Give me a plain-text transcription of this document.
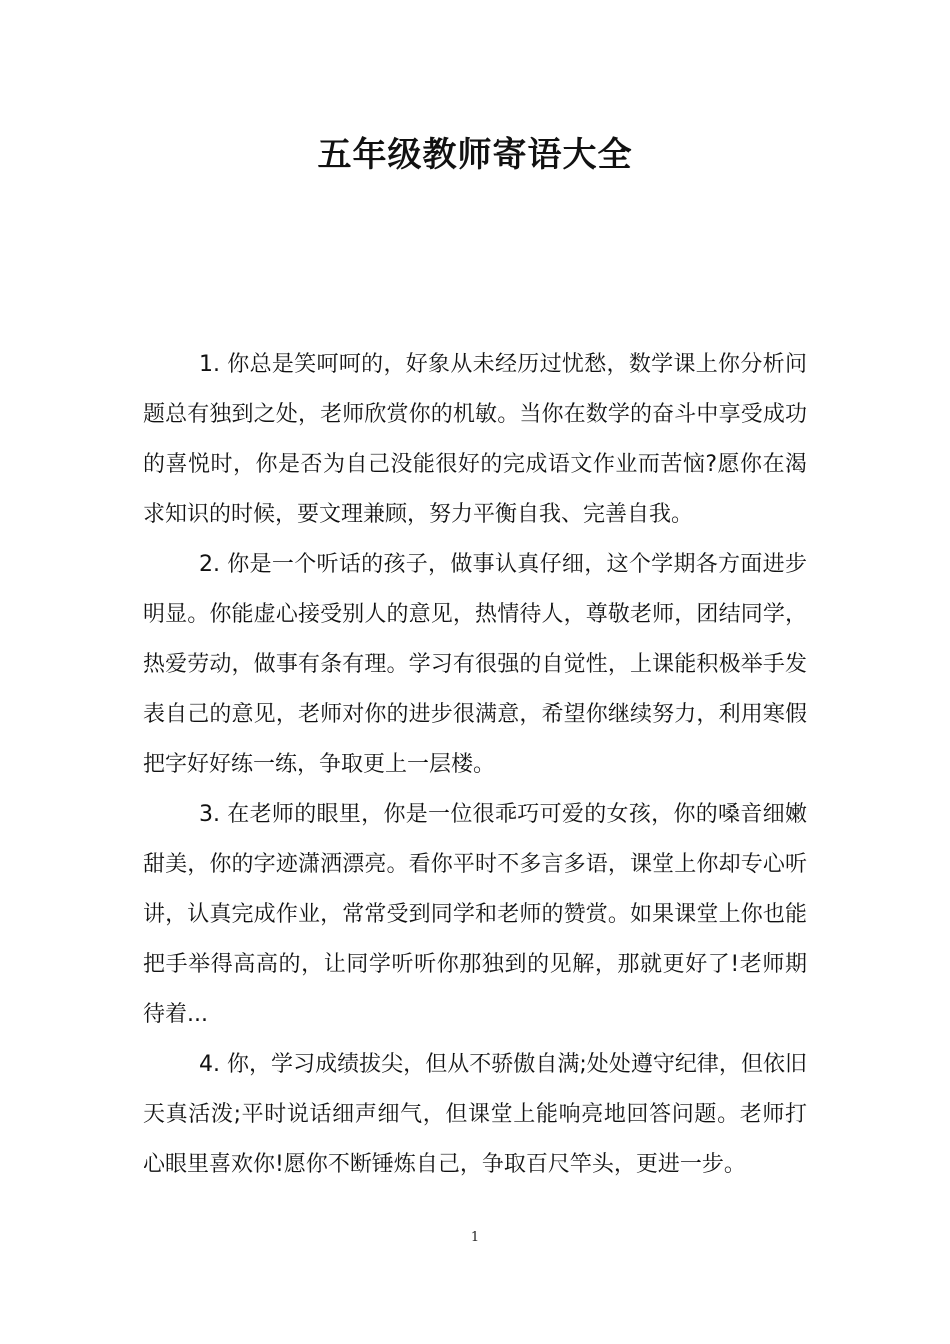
五年级教师寄语大全

1. 你总是笑呵呵的，好象从未经历过忧愁，数学课上你分析问题总有独到之处，老师欣赏你的机敏。当你在数学的奋斗中享受成功的喜悦时，你是否为自己没能很好的完成语文作业而苦恼?愿你在渴求知识的时候，要文理兼顾，努力平衡自我、完善自我。

2. 你是一个听话的孩子，做事认真仔细，这个学期各方面进步明显。你能虚心接受别人的意见，热情待人，尊敬老师，团结同学，热爱劳动，做事有条有理。学习有很强的自觉性，上课能积极举手发表自己的意见，老师对你的进步很满意，希望你继续努力，利用寒假把字好好练一练，争取更上一层楼。

3. 在老师的眼里，你是一位很乖巧可爱的女孩，你的嗓音细嫩甜美，你的字迹潇洒漂亮。看你平时不多言多语，课堂上你却专心听讲，认真完成作业，常常受到同学和老师的赞赏。如果课堂上你也能把手举得高高的，让同学听听你那独到的见解，那就更好了!老师期待着...

4. 你，学习成绩拔尖，但从不骄傲自满;处处遵守纪律，但依旧天真活泼;平时说话细声细气，但课堂上能响亮地回答问题。老师打心眼里喜欢你!愿你不断锤炼自己，争取百尺竿头，更进一步。

1
